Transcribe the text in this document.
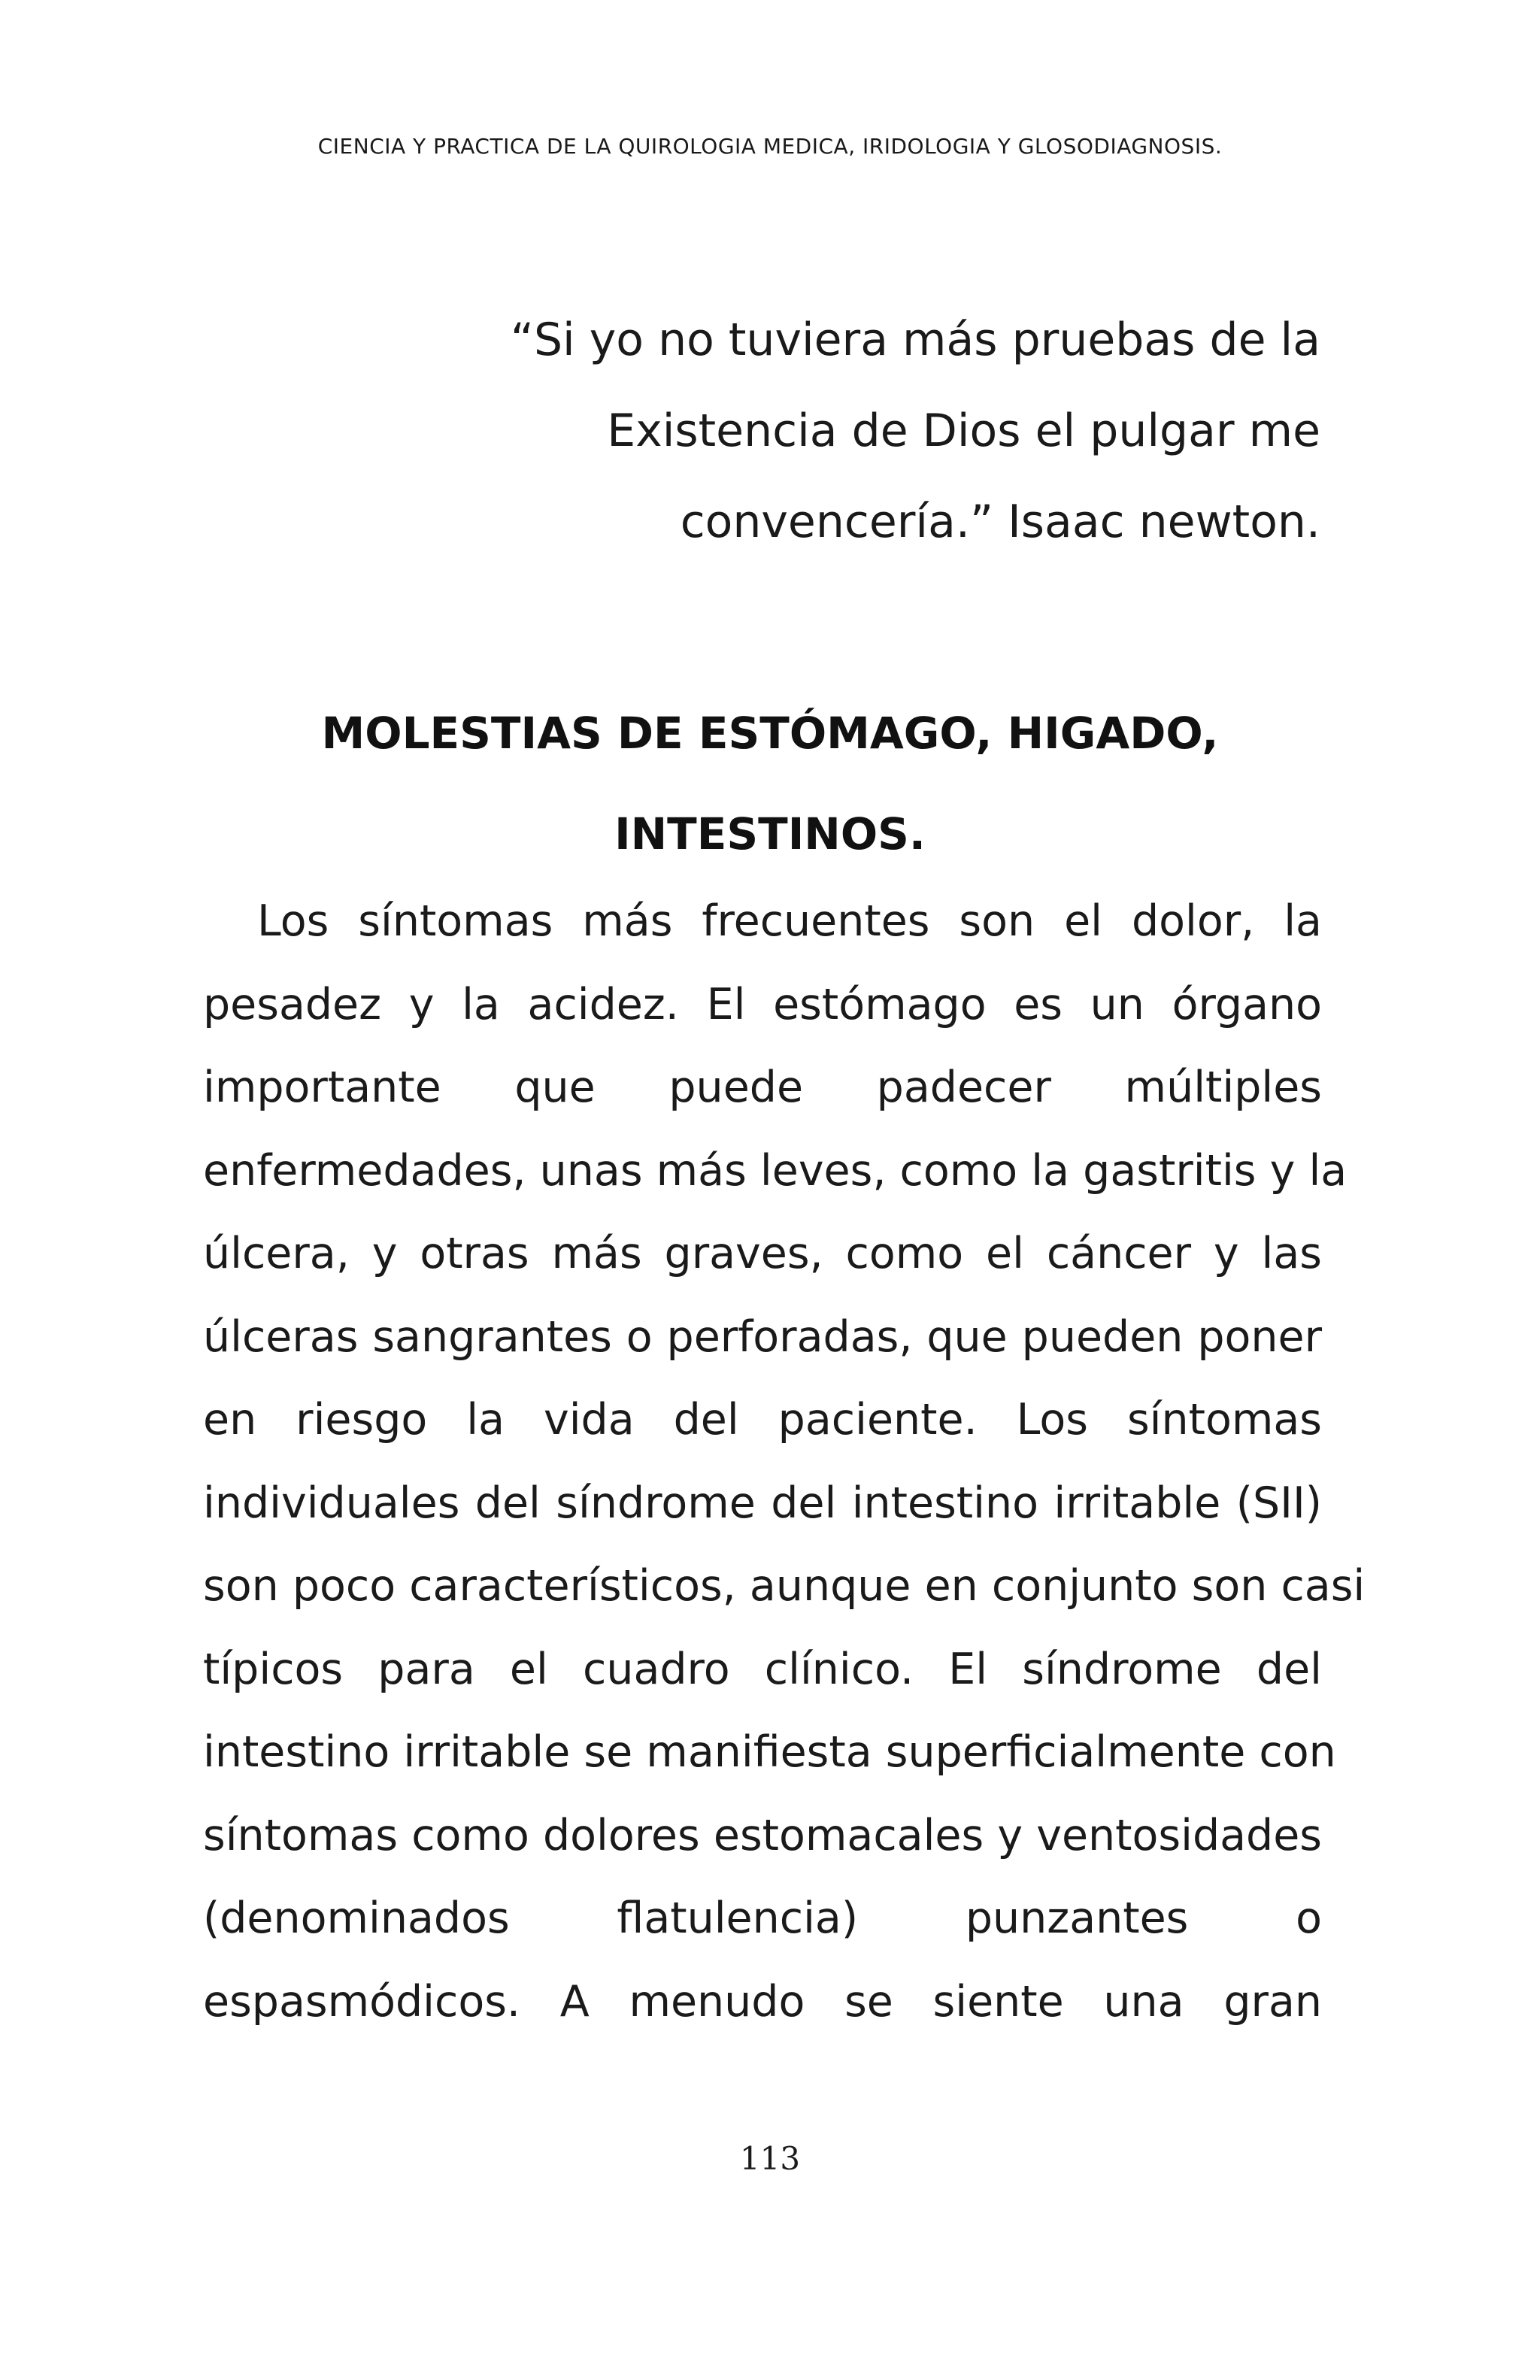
CIENCIA Y PRACTICA DE LA QUIROLOGIA MEDICA, IRIDOLOGIA Y GLOSODIAGNOSIS.
“Si yo no tuviera más pruebas de la
Existencia de Dios el pulgar me
convencería.” Isaac newton.
MOLESTIAS DE ESTÓMAGO, HIGADO,
INTESTINOS.
Los síntomas más frecuentes son el dolor, la
pesadez y la acidez. El estómago es un órgano
importante que puede padecer múltiples
enfermedades, unas más leves, como la gastritis y la
úlcera, y otras más graves, como el cáncer y las
úlceras sangrantes o perforadas, que pueden poner
en riesgo la vida del paciente. Los síntomas
individuales del síndrome del intestino irritable (SII)
son poco característicos, aunque en conjunto son casi
típicos para el cuadro clínico. El síndrome del
intestino irritable se manifiesta superficialmente con
síntomas como dolores estomacales y ventosidades
(denominados flatulencia) punzantes o
espasmódicos. A menudo se siente una gran
113
